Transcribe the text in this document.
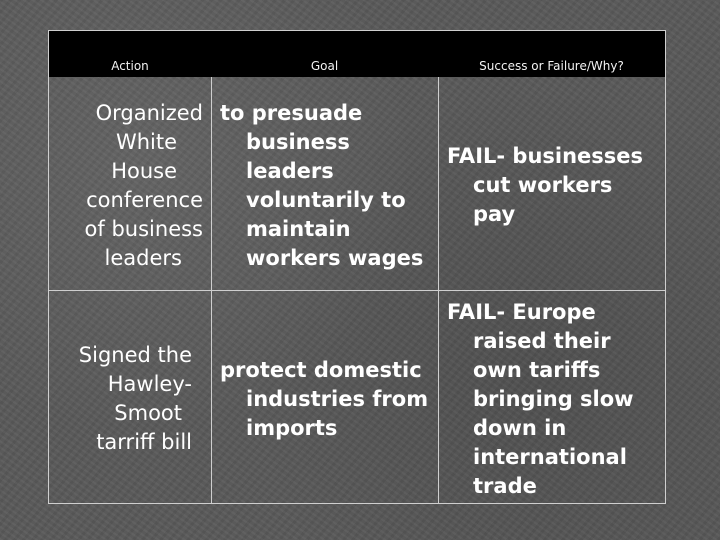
Action	Goal	Success or Failure/Why?
Organized
White
House
conference
of business
leaders
to presuade
business
leaders
voluntarily to
maintain
workers wages
FAIL- businesses
cut workers
pay
Signed the
Hawley-
Smoot
tarriff bill
protect domestic
industries from
imports
FAIL- Europe
raised their
own tariffs
bringing slow
down in
international
trade
